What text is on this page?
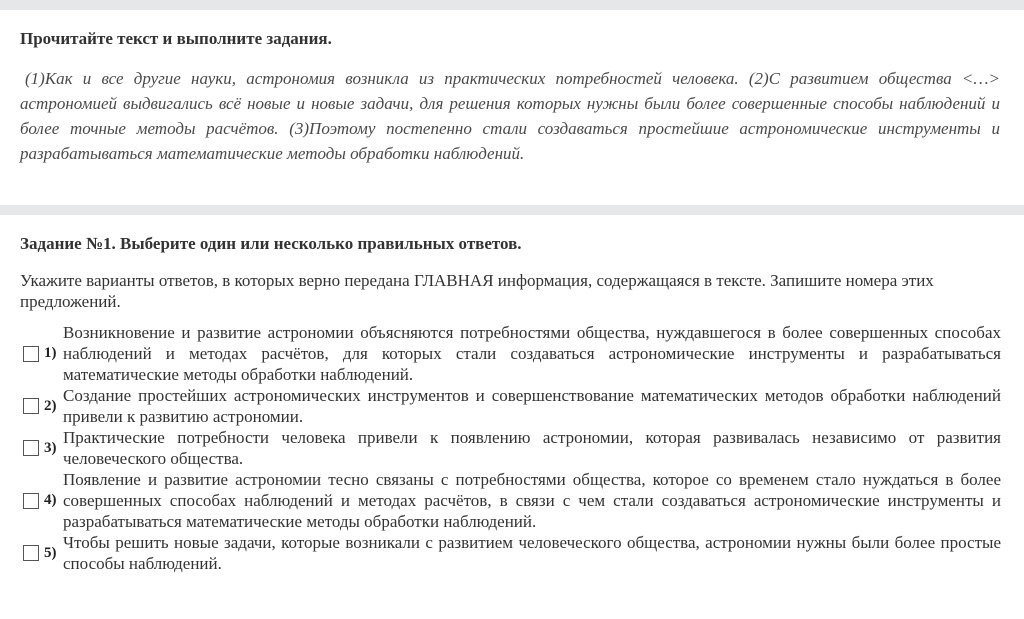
Прочитайте текст и выполните задания.
(1)Как и все другие науки, астрономия возникла из практических потребностей человека. (2)С развитием общества <…> астрономией выдвигались всё новые и новые задачи, для решения которых нужны были более совершенные способы наблюдений и более точные методы расчётов. (3)Поэтому постепенно стали создаваться простейшие астрономические инструменты и разрабатываться математические методы обработки наблюдений.
Задание №1. Выберите один или несколько правильных ответов.
Укажите варианты ответов, в которых верно передана ГЛАВНАЯ информация, содержащаяся в тексте. Запишите номера этих предложений.
1)
Возникновение и развитие астрономии объясняются потребностями общества, нуждавшегося в более совершенных способах наблюдений и методах расчётов, для которых стали создаваться астрономические инструменты и разрабатываться математические методы обработки наблюдений.
2)
Создание простейших астрономических инструментов и совершенствование математических методов обработки наблюдений привели к развитию астрономии.
3)
Практические потребности человека привели к появлению астрономии, которая развивалась независимо от развития человеческого общества.
4)
Появление и развитие астрономии тесно связаны с потребностями общества, которое со временем стало нуждаться в более совершенных способах наблюдений и методах расчётов, в связи с чем стали создаваться астрономические инструменты и разрабатываться математические методы обработки наблюдений.
5)
Чтобы решить новые задачи, которые возникали с развитием человеческого общества, астрономии нужны были более простые способы наблюдений.
